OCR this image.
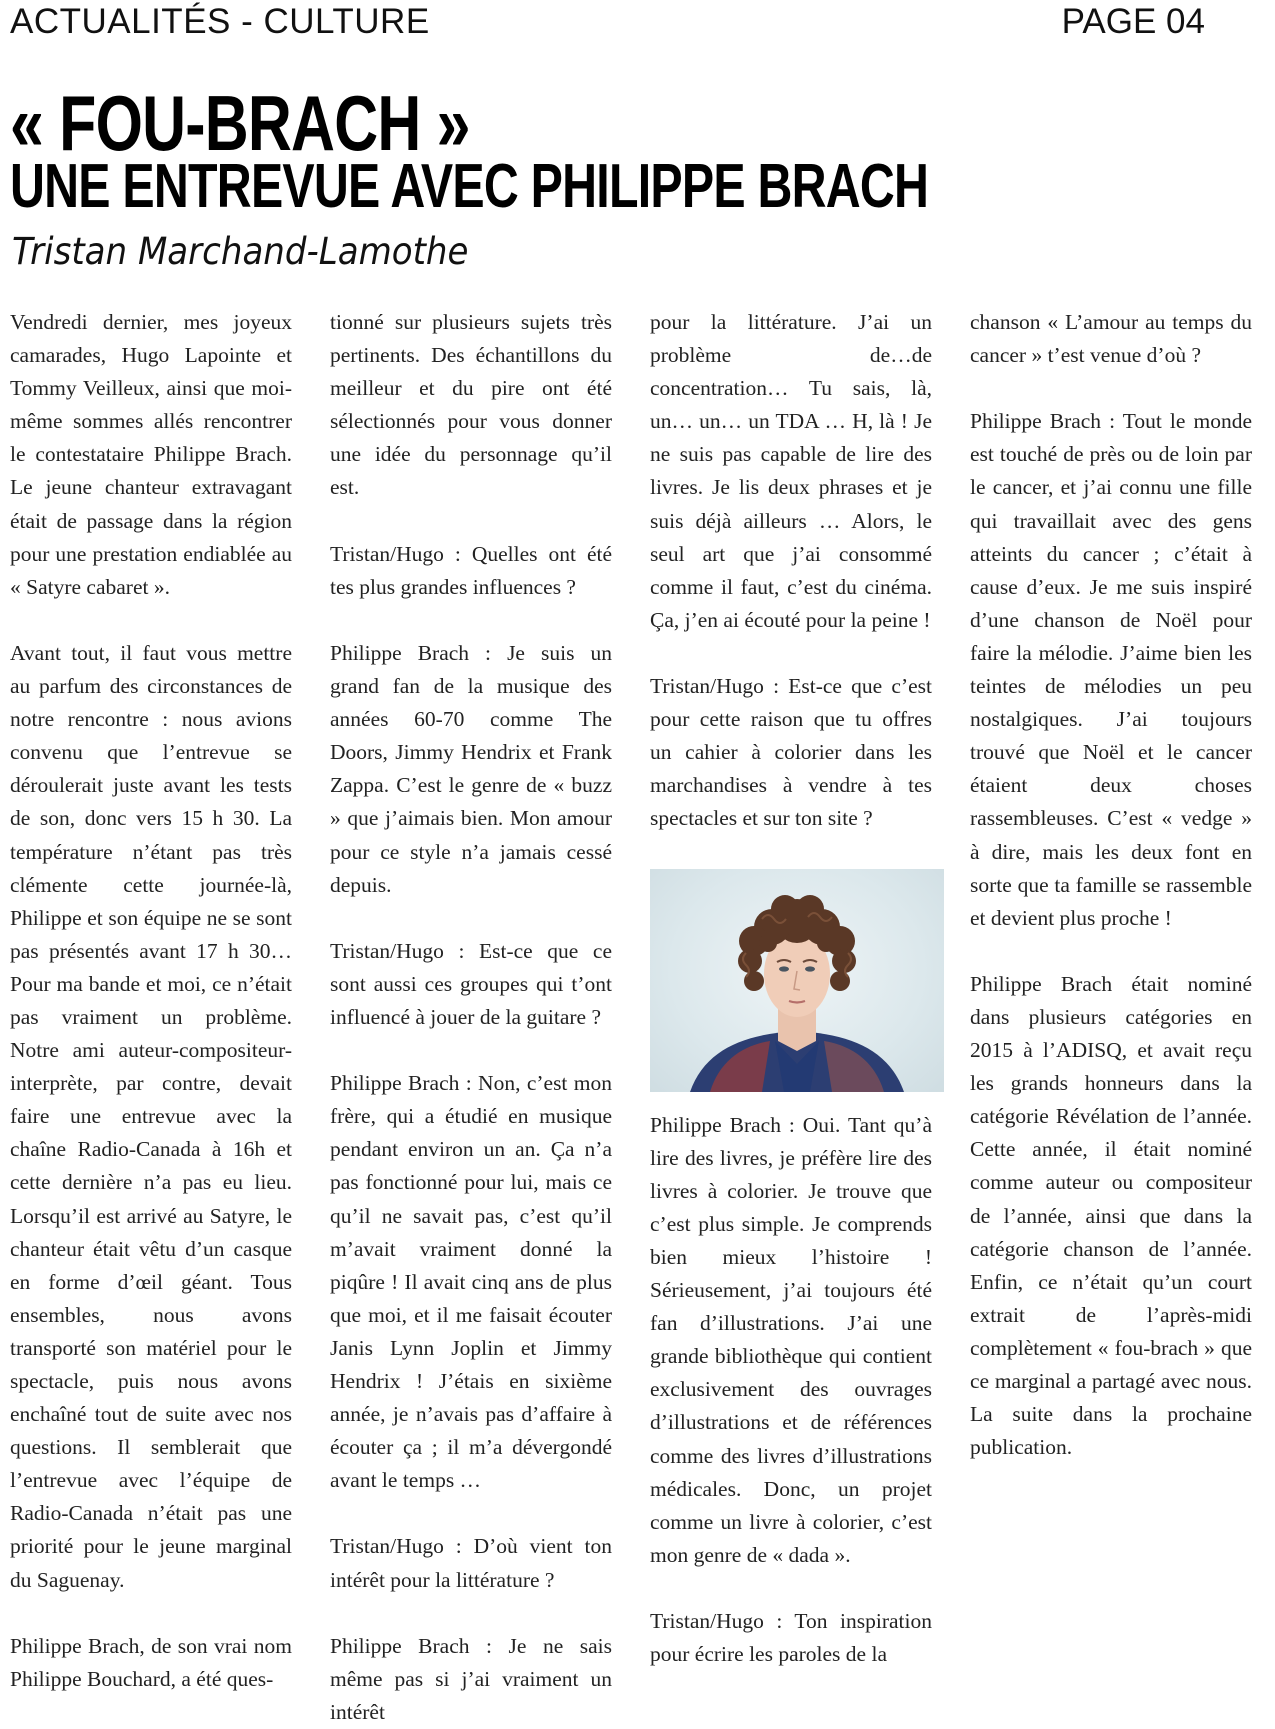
ACTUALITÉS - CULTURE	PAGE 04
« FOU-BRACH »
UNE ENTREVUE AVEC PHILIPPE BRACH
Tristan Marchand-Lamothe

Vendredi dernier, mes joyeux camarades, Hugo Lapointe et Tommy Veilleux, ainsi que moi-même sommes allés rencontrer le contestataire Philippe Brach. Le jeune chanteur extravagant était de passage dans la région pour une prestation endiablée au « Satyre cabaret ».

Avant tout, il faut vous mettre au parfum des circonstances de notre rencontre : nous avions convenu que l’entrevue se déroulerait juste avant les tests de son, donc vers 15 h 30. La température n’étant pas très clémente cette journée-là, Philippe et son équipe ne se sont pas présentés avant 17 h 30… Pour ma bande et moi, ce n’était pas vraiment un problème. Notre ami auteur-compositeur-interprète, par contre, devait faire une entrevue avec la chaîne Radio-Canada à 16h et cette dernière n’a pas eu lieu. Lorsqu’il est arrivé au Satyre, le chanteur était vêtu d’un casque en forme d’œil géant. Tous ensembles, nous avons transporté son matériel pour le spectacle, puis nous avons enchaîné tout de suite avec nos questions. Il semblerait que l’entrevue avec l’équipe de Radio-Canada n’était pas une priorité pour le jeune marginal du Saguenay.

Philippe Brach, de son vrai nom Philippe Bouchard, a été ques-

tionné sur plusieurs sujets très pertinents. Des échantillons du meilleur et du pire ont été sélectionnés pour vous donner une idée du personnage qu’il est.

Tristan/Hugo : Quelles ont été tes plus grandes influences ?

Philippe Brach : Je suis un grand fan de la musique des années 60-70 comme The Doors, Jimmy Hendrix et Frank Zappa. C’est le genre de « buzz » que j’aimais bien. Mon amour pour ce style n’a jamais cessé depuis.

Tristan/Hugo : Est-ce que ce sont aussi ces groupes qui t’ont influencé à jouer de la guitare ?

Philippe Brach : Non, c’est mon frère, qui a étudié en musique pendant environ un an. Ça n’a pas fonctionné pour lui, mais ce qu’il ne savait pas, c’est qu’il m’avait vraiment donné la piqûre ! Il avait cinq ans de plus que moi, et il me faisait écouter Janis Lynn Joplin et Jimmy Hendrix ! J’étais en sixième année, je n’avais pas d’affaire à écouter ça ; il m’a dévergondé avant le temps …

Tristan/Hugo : D’où vient ton intérêt pour la littérature ?

Philippe Brach : Je ne sais même pas si j’ai vraiment un intérêt

pour la littérature. J’ai un problème de…de concentration… Tu sais, là, un… un… un TDA … H, là ! Je ne suis pas capable de lire des livres. Je lis deux phrases et je suis déjà ailleurs … Alors, le seul art que j’ai consommé comme il faut, c’est du cinéma. Ça, j’en ai écouté pour la peine !

Tristan/Hugo : Est-ce que c’est pour cette raison que tu offres un cahier à colorier dans les marchandises à vendre à tes spectacles et sur ton site ?

Philippe Brach : Oui. Tant qu’à lire des livres, je préfère lire des livres à colorier. Je trouve que c’est plus simple. Je comprends bien mieux l’histoire ! Sérieusement, j’ai toujours été fan d’illustrations. J’ai une grande bibliothèque qui contient exclusivement des ouvrages d’illustrations et de références comme des livres d’illustrations médicales. Donc, un projet comme un livre à colorier, c’est mon genre de « dada ».

Tristan/Hugo : Ton inspiration pour écrire les paroles de la

chanson « L’amour au temps du cancer » t’est venue d’où ?

Philippe Brach : Tout le monde est touché de près ou de loin par le cancer, et j’ai connu une fille qui travaillait avec des gens atteints du cancer ; c’était à cause d’eux. Je me suis inspiré d’une chanson de Noël pour faire la mélodie. J’aime bien les teintes de mélodies un peu nostalgiques. J’ai toujours trouvé que Noël et le cancer étaient deux choses rassembleuses. C’est « vedge » à dire, mais les deux font en sorte que ta famille se rassemble et devient plus proche !

Philippe Brach était nominé dans plusieurs catégories en 2015 à l’ADISQ, et avait reçu les grands honneurs dans la catégorie Révélation de l’année. Cette année, il était nominé comme auteur ou compositeur de l’année, ainsi que dans la catégorie chanson de l’année. Enfin, ce n’était qu’un court extrait de l’après-midi complètement « fou-brach » que ce marginal a partagé avec nous. La suite dans la prochaine publication.
